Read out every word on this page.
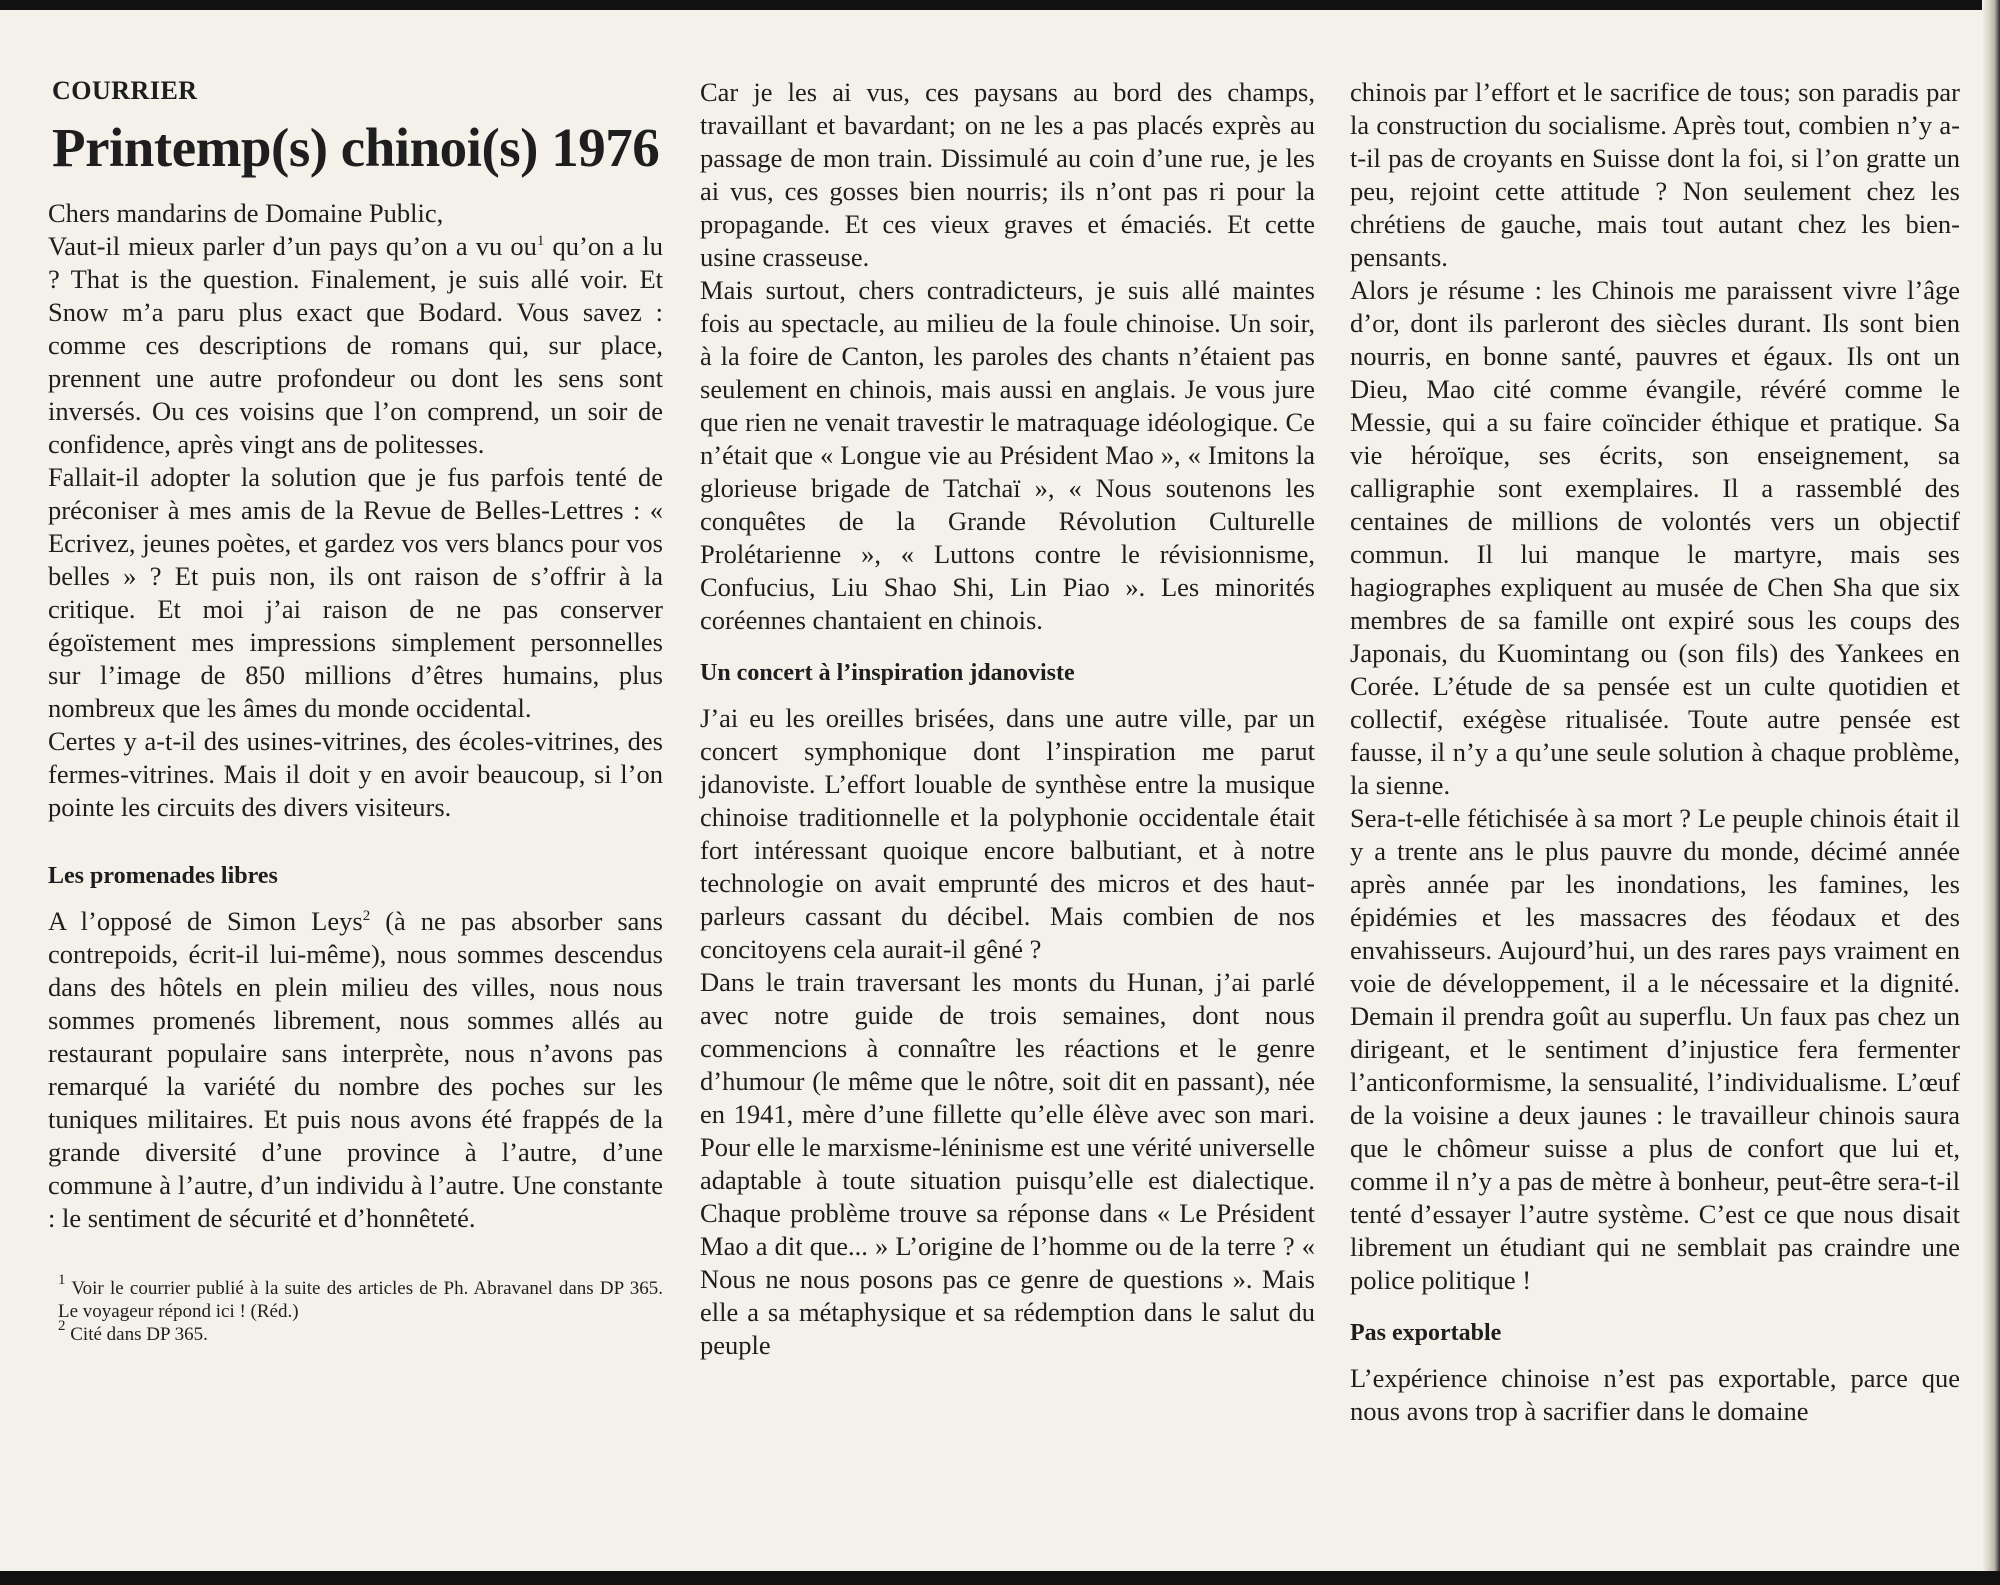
COURRIER
Printemp(s) chinoi(s) 1976

Chers mandarins de Domaine Public,

Vaut-il mieux parler d’un pays qu’on a vu $ou^1$ qu’on a lu ? That is the question. Finalement, je suis allé voir. Et Snow m’a paru plus exact que Bodard. Vous savez : comme ces descriptions de romans qui, sur place, prennent une autre profondeur ou dont les sens sont inversés. Ou ces voisins que l’on comprend, un soir de confidence, après vingt ans de politesses.

Fallait-il adopter la solution que je fus parfois tenté de préconiser à mes amis de la Revue de Belles-Lettres : « Ecrivez, jeunes poètes, et gardez vos vers blancs pour vos belles » ? Et puis non, ils ont raison de s’offrir à la critique. Et moi j’ai raison de ne pas conserver égoïstement mes impressions simplement personnelles sur l’image de 850 millions d’êtres humains, plus nombreux que les âmes du monde occidental.

Certes y a-t-il des usines-vitrines, des écoles-vitrines, des fermes-vitrines. Mais il doit y en avoir beaucoup, si l’on pointe les circuits des divers visiteurs.

Les promenades libres

A l’opposé de Simon Leys$^2$ (à ne pas absorber sans contrepoids, écrit-il lui-même), nous sommes descendus dans des hôtels en plein milieu des villes, nous nous sommes promenés librement, nous sommes allés au restaurant populaire sans interprète, nous n’avons pas remarqué la variété du nombre des poches sur les tuniques militaires. Et puis nous avons été frappés de la grande diversité d’une province à l’autre, d’une commune à l’autre, d’un individu à l’autre. Une constante : le sentiment de sécurité et d’honnêteté.

$^1$ Voir le courrier publié à la suite des articles de Ph. Abravanel dans DP 365. Le voyageur répond ici ! (Réd.)

$^2$ Cité dans DP 365.

Car je les ai vus, ces paysans au bord des champs, travaillant et bavardant; on ne les a pas placés exprès au passage de mon train. Dissimulé au coin d’une rue, je les ai vus, ces gosses bien nourris; ils n’ont pas ri pour la propagande. Et ces vieux graves et émaciés. Et cette usine crasseuse.

Mais surtout, chers contradicteurs, je suis allé maintes fois au spectacle, au milieu de la foule chinoise. Un soir, à la foire de Canton, les paroles des chants n’étaient pas seulement en chinois, mais aussi en anglais. Je vous jure que rien ne venait travestir le matraquage idéologique. Ce n’était que « Longue vie au Président Mao », « Imitons la glorieuse brigade de Tatchaï », « Nous soutenons les conquêtes de la Grande Révolution Culturelle Prolétarienne », « Luttons contre le révisionnisme, Confucius, Liu Shao Shi, Lin Piao ». Les minorités coréennes chantaient en chinois.

Un concert à l’inspiration jdanoviste

J’ai eu les oreilles brisées, dans une autre ville, par un concert symphonique dont l’inspiration me parut jdanoviste. L’effort louable de synthèse entre la musique chinoise traditionnelle et la polyphonie occidentale était fort intéressant quoique encore balbutiant, et à notre technologie on avait emprunté des micros et des haut-parleurs cassant du décibel. Mais combien de nos concitoyens cela aurait-il gêné ?

Dans le train traversant les monts du Hunan, j’ai parlé avec notre guide de trois semaines, dont nous commencions à connaître les réactions et le genre d’humour (le même que le nôtre, soit dit en passant), née en 1941, mère d’une fillette qu’elle élève avec son mari. Pour elle le marxisme-léninisme est une vérité universelle adaptable à toute situation puisqu’elle est dialectique. Chaque problème trouve sa réponse dans « Le Président Mao a dit que... » L’origine de l’homme ou de la terre ? « Nous ne nous posons pas ce genre de questions ». Mais elle a sa métaphysique et sa rédemption dans le salut du peuple

chinois par l’effort et le sacrifice de tous; son paradis par la construction du socialisme. Après tout, combien n’y a-t-il pas de croyants en Suisse dont la foi, si l’on gratte un peu, rejoint cette attitude ? Non seulement chez les chrétiens de gauche, mais tout autant chez les bien-pensants.

Alors je résume : les Chinois me paraissent vivre l’âge d’or, dont ils parleront des siècles durant. Ils sont bien nourris, en bonne santé, pauvres et égaux. Ils ont un Dieu, Mao cité comme évangile, révéré comme le Messie, qui a su faire coïncider éthique et pratique. Sa vie héroïque, ses écrits, son enseignement, sa calligraphie sont exemplaires. Il a rassemblé des centaines de millions de volontés vers un objectif commun. Il lui manque le martyre, mais ses hagiographes expliquent au musée de Chen Sha que six membres de sa famille ont expiré sous les coups des Japonais, du Kuomintang ou (son fils) des Yankees en Corée. L’étude de sa pensée est un culte quotidien et collectif, exégèse ritualisée. Toute autre pensée est fausse, il n’y a qu’une seule solution à chaque problème, la sienne.

Sera-t-elle fétichisée à sa mort ? Le peuple chinois était il y a trente ans le plus pauvre du monde, décimé année après année par les inondations, les famines, les épidémies et les massacres des féodaux et des envahisseurs. Aujourd’hui, un des rares pays vraiment en voie de développement, il a le nécessaire et la dignité. Demain il prendra goût au superflu. Un faux pas chez un dirigeant, et le sentiment d’injustice fera fermenter l’anticonformisme, la sensualité, l’individualisme. L’œuf de la voisine a deux jaunes : le travailleur chinois saura que le chômeur suisse a plus de confort que lui et, comme il n’y a pas de mètre à bonheur, peut-être sera-t-il tenté d’essayer l’autre système. C’est ce que nous disait librement un étudiant qui ne semblait pas craindre une police politique !

Pas exportable

L’expérience chinoise n’est pas exportable, parce que nous avons trop à sacrifier dans le domaine
